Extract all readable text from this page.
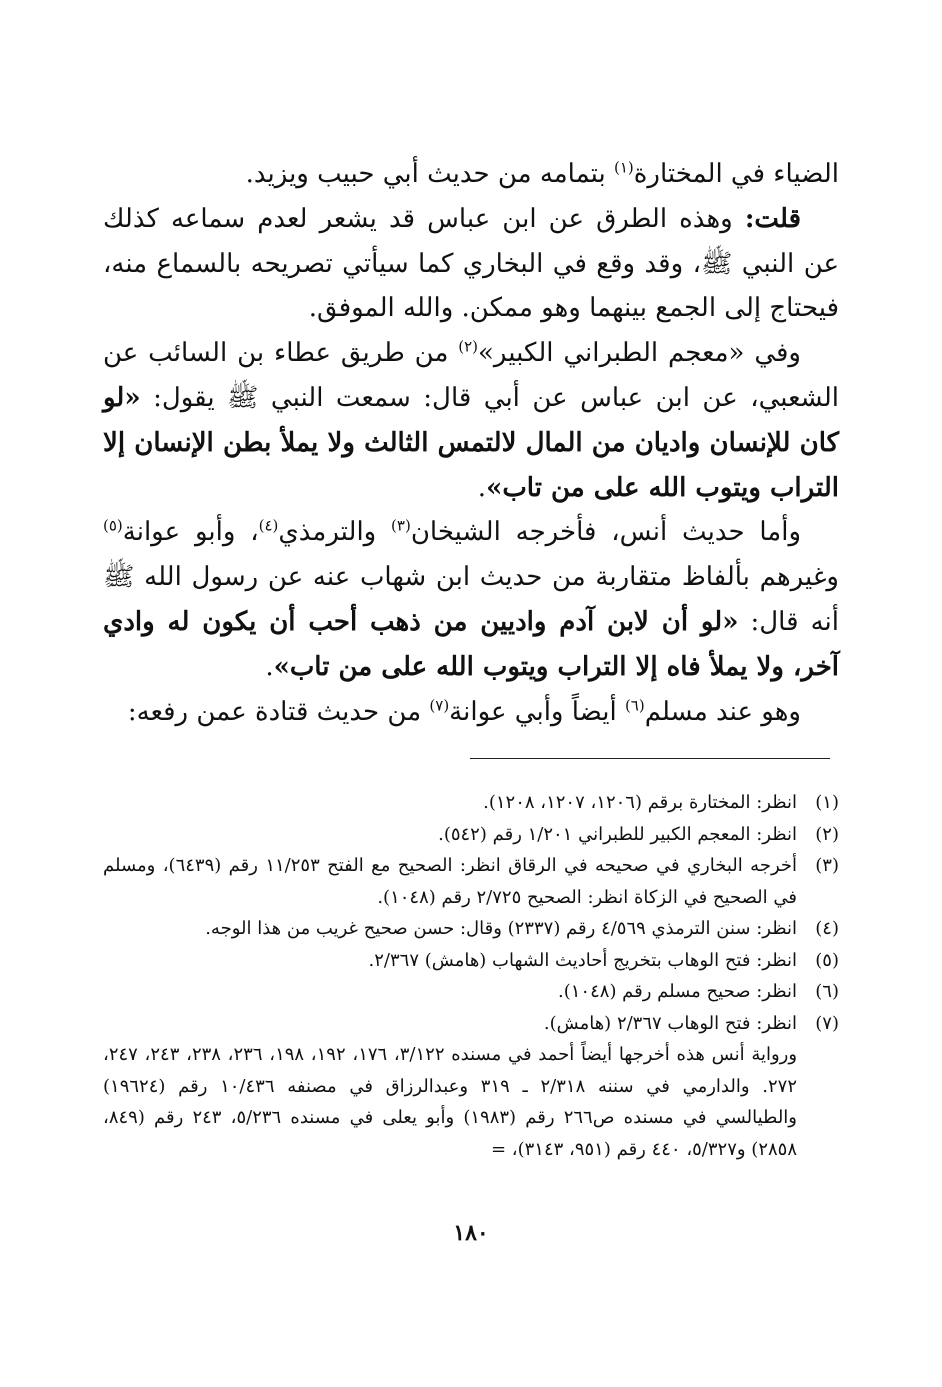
الضياء في المختارة$^{(١)}$ بتمامه من حديث أبي حبيب ويزيد.

قلت: وهذه الطرق عن ابن عباس قد يشعر لعدم سماعه كذلك عن النبي ﷺ، وقد وقع في البخاري كما سيأتي تصريحه بالسماع منه، فيحتاج إلى الجمع بينهما وهو ممكن. والله الموفق.

وفي «معجم الطبراني الكبير»$^{(٢)}$ من طريق عطاء بن السائب عن الشعبي، عن ابن عباس عن أبي قال: سمعت النبي ﷺ يقول: «لو كان للإنسان واديان من المال لالتمس الثالث ولا يملأ بطن الإنسان إلا التراب ويتوب الله على من تاب».

وأما حديث أنس، فأخرجه الشيخان$^{(٣)}$ والترمذي$^{(٤)}$، وأبو عوانة$^{(٥)}$ وغيرهم بألفاظ متقاربة من حديث ابن شهاب عنه عن رسول الله ﷺ أنه قال: «لو أن لابن آدم واديين من ذهب أحب أن يكون له وادي آخر، ولا يملأ فاه إلا التراب ويتوب الله على من تاب».

وهو عند مسلم$^{(٦)}$ أيضاً وأبي عوانة$^{(٧)}$ من حديث قتادة عمن رفعه:

(١)
انظر: المختارة برقم (١٢٠٦، ١٢٠٧، ١٢٠٨).
(٢)
انظر: المعجم الكبير للطبراني ١/٢٠١ رقم (٥٤٢).
(٣)
أخرجه البخاري في صحيحه في الرقاق انظر: الصحيح مع الفتح ١١/٢٥٣ رقم (٦٤٣٩)، ومسلم في الصحيح في الزكاة انظر: الصحيح ٢/٧٢٥ رقم (١٠٤٨).
(٤)
انظر: سنن الترمذي ٤/٥٦٩ رقم (٢٣٣٧) وقال: حسن صحيح غريب من هذا الوجه.
(٥)
انظر: فتح الوهاب بتخريج أحاديث الشهاب (هامش) ٢/٣٦٧.
(٦)
انظر: صحيح مسلم رقم (١٠٤٨).
(٧)
انظر: فتح الوهاب ٢/٣٦٧ (هامش).
ورواية أنس هذه أخرجها أيضاً أحمد في مسنده ٣/١٢٢، ١٧٦، ١٩٢، ١٩٨، ٢٣٦، ٢٣٨، ٢٤٣، ٢٤٧، ٢٧٢. والدارمي في سننه ٢/٣١٨ ـ ٣١٩ وعبدالرزاق في مصنفه ١٠/٤٣٦ رقم (١٩٦٢٤) والطيالسي في مسنده ص٢٦٦ رقم (١٩٨٣) وأبو يعلى في مسنده ٥/٢٣٦، ٢٤٣ رقم (٨٤٩، ٢٨٥٨) و٥/٣٢٧، ٤٤٠ رقم (٩٥١، ٣١٤٣)، =
١٨٠
